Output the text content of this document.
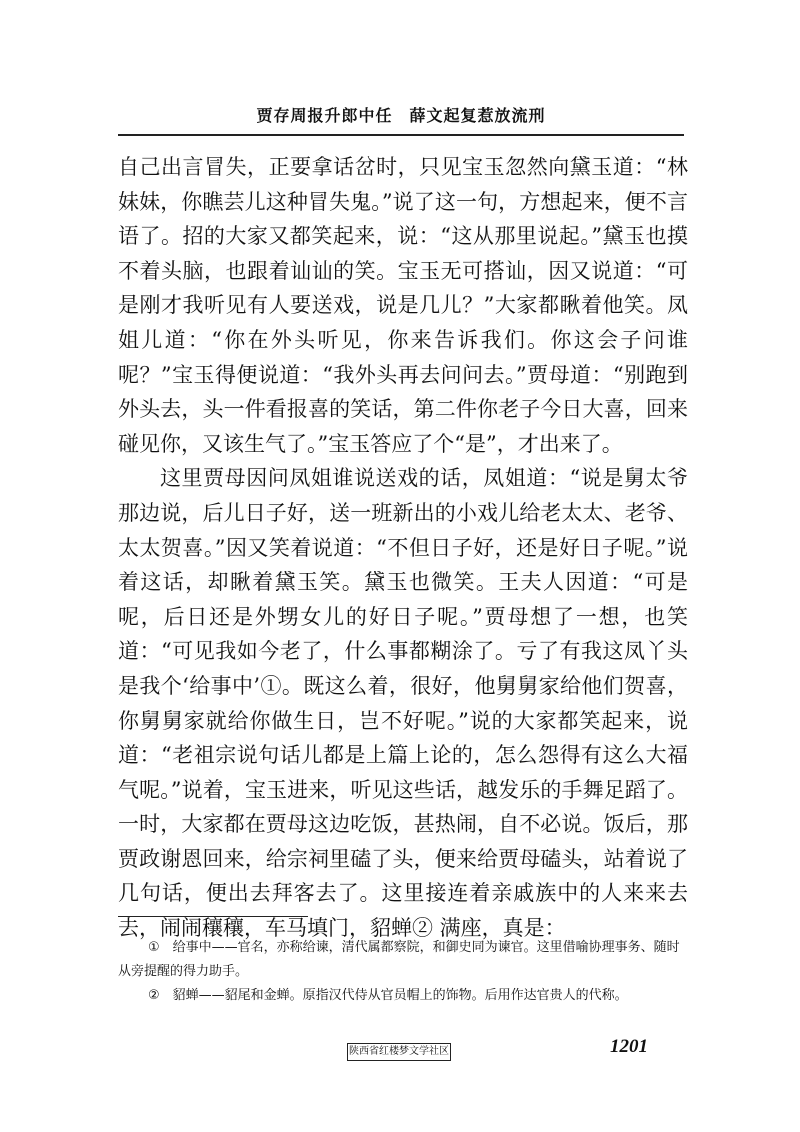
贾存周报升郎中任　薛文起复惹放流刑

自己出言冒失，正要拿话岔时，只见宝玉忽然向黛玉道：“林妹妹，你瞧芸儿这种冒失鬼。”说了这一句，方想起来，便不言语了。招的大家又都笑起来，说：“这从那里说起。”黛玉也摸不着头脑，也跟着讪讪的笑。宝玉无可搭讪，因又说道：“可是刚才我听见有人要送戏，说是几儿？”大家都瞅着他笑。凤姐儿道：“你在外头听见，你来告诉我们。你这会子问谁呢？”宝玉得便说道：“我外头再去问问去。”贾母道：“别跑到外头去，头一件看报喜的笑话，第二件你老子今日大喜，回来碰见你，又该生气了。”宝玉答应了个“是”，才出来了。

这里贾母因问凤姐谁说送戏的话，凤姐道：“说是舅太爷那边说，后儿日子好，送一班新出的小戏儿给老太太、老爷、太太贺喜。”因又笑着说道：“不但日子好，还是好日子呢。”说着这话，却瞅着黛玉笑。黛玉也微笑。王夫人因道：“可是呢，后日还是外甥女儿的好日子呢。”贾母想了一想，也笑道：“可见我如今老了，什么事都糊涂了。亏了有我这凤丫头是我个‘给事中’①。既这么着，很好，他舅舅家给他们贺喜，你舅舅家就给你做生日，岂不好呢。”说的大家都笑起来，说道：“老祖宗说句话儿都是上篇上论的，怎么怨得有这么大福气呢。”说着，宝玉进来，听见这些话，越发乐的手舞足蹈了。一时，大家都在贾母这边吃饭，甚热闹，自不必说。饭后，那贾政谢恩回来，给宗祠里磕了头，便来给贾母磕头，站着说了几句话，便出去拜客去了。这里接连着亲戚族中的人来来去去，闹闹穰穰，车马填门，貂蝉② 满座，真是：

①　给事中——官名，亦称给谏，清代属都察院，和御史同为谏官。这里借喻协理事务、随时从旁提醒的得力助手。

②　貂蝉——貂尾和金蝉。原指汉代侍从官员帽上的饰物。后用作达官贵人的代称。

陕西省红楼梦文学社区	1201
